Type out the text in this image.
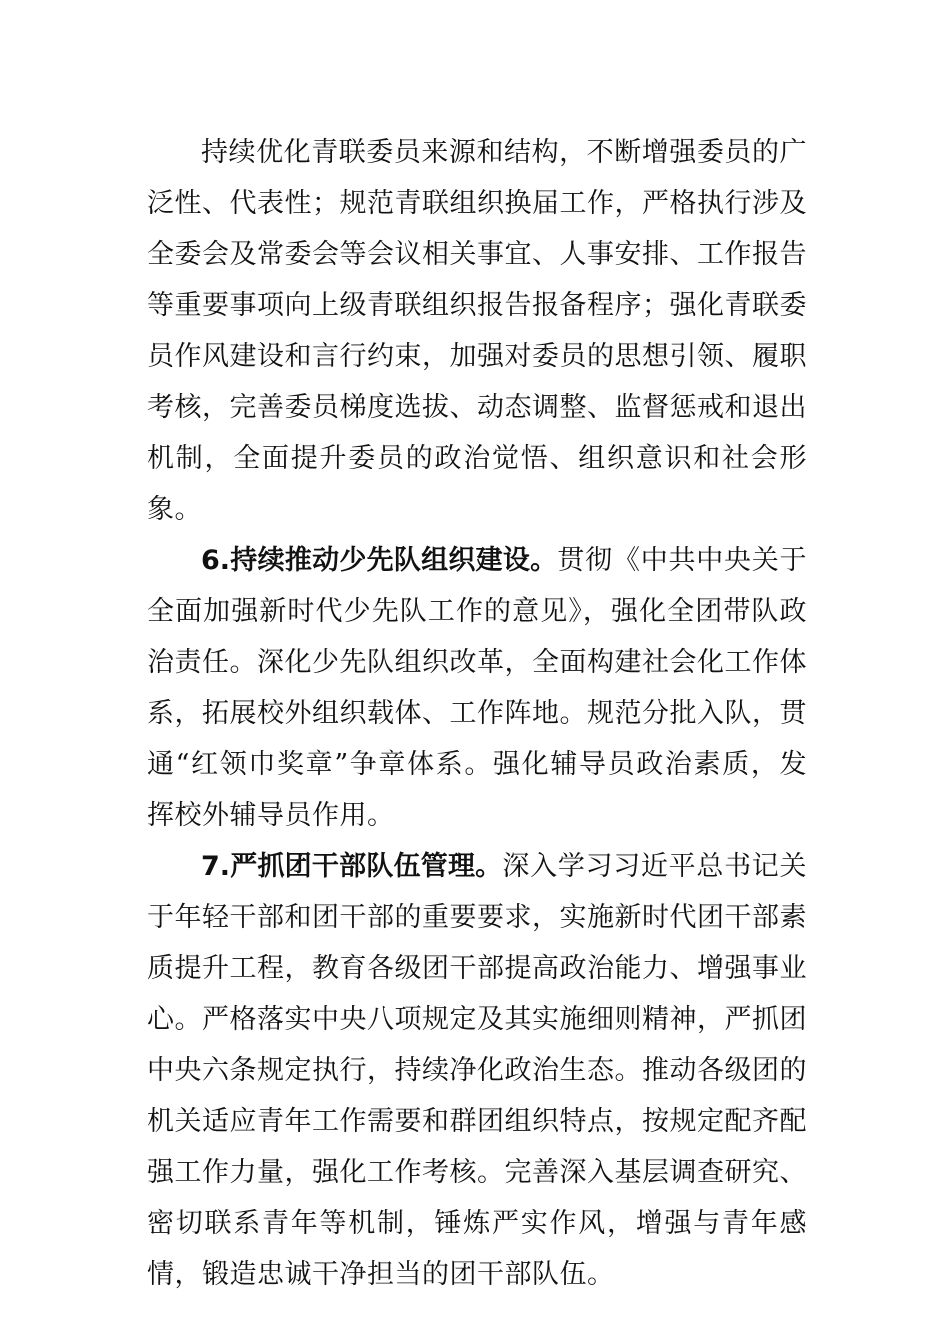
持续优化青联委员来源和结构，不断增强委员的广泛性、代表性；规范青联组织换届工作，严格执行涉及全委会及常委会等会议相关事宜、人事安排、工作报告等重要事项向上级青联组织报告报备程序；强化青联委员作风建设和言行约束，加强对委员的思想引领、履职考核，完善委员梯度选拔、动态调整、监督惩戒和退出机制，全面提升委员的政治觉悟、组织意识和社会形象。

6.持续推动少先队组织建设。贯彻《中共中央关于全面加强新时代少先队工作的意见》，强化全团带队政治责任。深化少先队组织改革，全面构建社会化工作体系，拓展校外组织载体、工作阵地。规范分批入队，贯通“红领巾奖章”争章体系。强化辅导员政治素质，发挥校外辅导员作用。

7.严抓团干部队伍管理。深入学习习近平总书记关于年轻干部和团干部的重要要求，实施新时代团干部素质提升工程，教育各级团干部提高政治能力、增强事业心。严格落实中央八项规定及其实施细则精神，严抓团中央六条规定执行，持续净化政治生态。推动各级团的机关适应青年工作需要和群团组织特点，按规定配齐配强工作力量，强化工作考核。完善深入基层调查研究、密切联系青年等机制，锤炼严实作风，增强与青年感情，锻造忠诚干净担当的团干部队伍。
